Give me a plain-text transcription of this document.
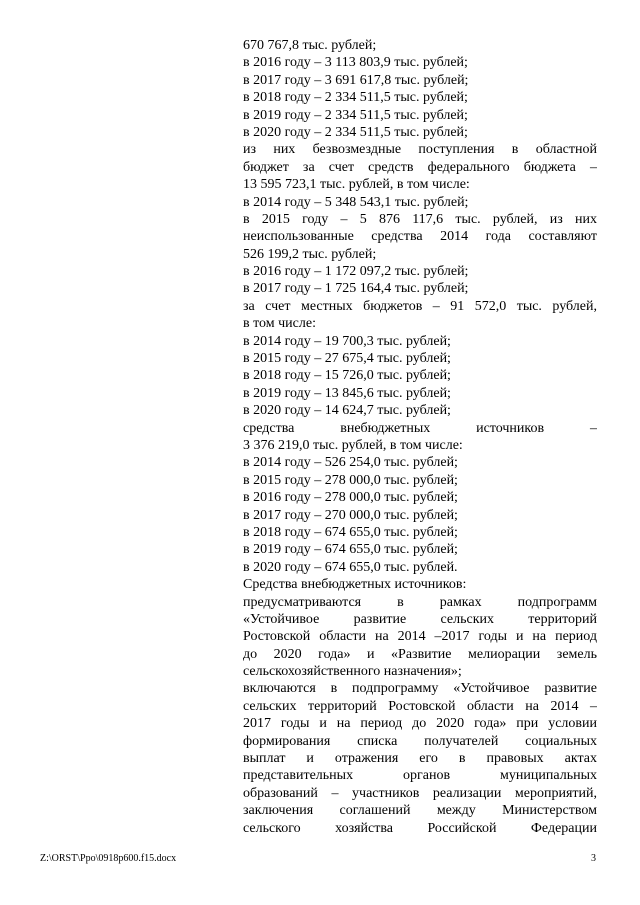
670 767,8 тыс. рублей;
в 2016 году – 3 113 803,9 тыс. рублей;
в 2017 году – 3 691 617,8 тыс. рублей;
в 2018 году – 2 334 511,5 тыс. рублей;
в 2019 году – 2 334 511,5 тыс. рублей;
в 2020 году – 2 334 511,5 тыс. рублей;
из них безвозмездные поступления в областной
бюджет за счет средств федерального бюджета –
13 595 723,1 тыс. рублей, в том числе:
в 2014 году – 5 348 543,1 тыс. рублей;
в 2015 году – 5 876 117,6 тыс. рублей, из них
неиспользованные средства 2014 года составляют
526 199,2 тыс. рублей;
в 2016 году – 1 172 097,2 тыс. рублей;
в 2017 году – 1 725 164,4 тыс. рублей;
за счет местных бюджетов – 91 572,0 тыс. рублей,
в том числе:
в 2014 году – 19 700,3 тыс. рублей;
в 2015 году – 27 675,4 тыс. рублей;
в 2018 году – 15 726,0 тыс. рублей;
в 2019 году – 13 845,6 тыс. рублей;
в 2020 году – 14 624,7 тыс. рублей;
средства внебюджетных источников –
3 376 219,0 тыс. рублей, в том числе:
в 2014 году – 526 254,0 тыс. рублей;
в 2015 году – 278 000,0 тыс. рублей;
в 2016 году – 278 000,0 тыс. рублей;
в 2017 году – 270 000,0 тыс. рублей;
в 2018 году – 674 655,0 тыс. рублей;
в 2019 году – 674 655,0 тыс. рублей;
в 2020 году – 674 655,0 тыс. рублей.
Средства внебюджетных источников:
предусматриваются в рамках подпрограмм
«Устойчивое развитие сельских территорий
Ростовской области на 2014 –2017 годы и на период
до 2020 года» и «Развитие мелиорации земель
сельскохозяйственного назначения»;
включаются в подпрограмму «Устойчивое развитие
сельских территорий Ростовской области на 2014 –
2017 годы и на период до 2020 года» при условии
формирования списка получателей социальных
выплат и отражения его в правовых актах
представительных органов муниципальных
образований – участников реализации мероприятий,
заключения соглашений между Министерством
сельского хозяйства Российской Федерации
Z:\ORST\Ppo\0918p600.f15.docx	3
